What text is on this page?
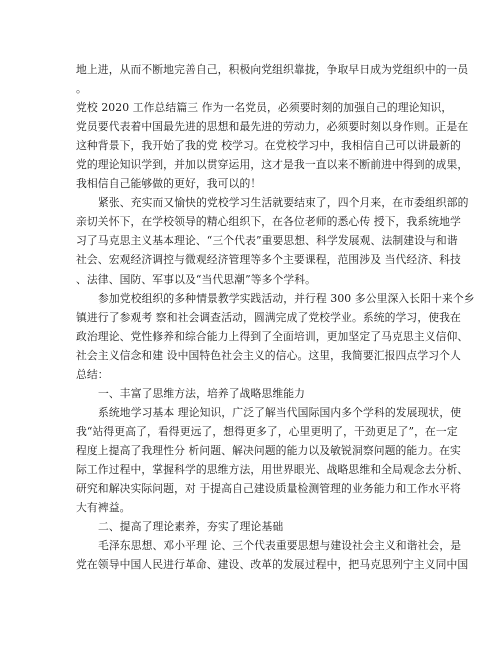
地上进，从而不断地完善自己，积极向党组织靠拢，争取早日成为党组织中的一员
。
党校 2020 工作总结篇三 作为一名党员，必须要时刻的加强自己的理论知识，
党员要代表着中国最先进的思想和最先进的劳动力，必须要时刻以身作则。正是在
这种背景下，我开始了我的党 校学习。在党校学习中，我相信自己可以讲最新的
党的理论知识学到，并加以贯穿运用，这才是我一直以来不断前进中得到的成果，
我相信自己能够做的更好，我可以的！
紧张、充实而又愉快的党校学习生活就要结束了，四个月来，在市委组织部的
亲切关怀下，在学校领导的精心组织下，在各位老师的悉心传 授下，我系统地学
习了马克思主义基本理论、“三个代表”重要思想、科学发展观、法制建设与和谐
社会、宏观经济调控与微观经济管理等多个主要课程，范围涉及 当代经济、科技
、法律、国防、军事以及“当代思潮”等多个学科。
参加党校组织的多种情景教学实践活动，并行程 300 多公里深入长阳十来个乡
镇进行了参观考 察和社会调查活动，圆满完成了党校学业。系统的学习，使我在
政治理论、党性修养和综合能力上得到了全面培训，更加坚定了马克思主义信仰、
社会主义信念和建 设中国特色社会主义的信心。这里，我简要汇报四点学习个人
总结：
一、丰富了思维方法，培养了战略思维能力
系统地学习基本 理论知识，广泛了解当代国际国内多个学科的发展现状，使
我“站得更高了，看得更远了，想得更多了，心里更明了，干劲更足了”，在一定
程度上提高了我理性分 析问题、解决问题的能力以及敏锐洞察问题的能力。在实
际工作过程中，掌握科学的思维方法，用世界眼光、战略思维和全局观念去分析、
研究和解决实际问题，对 于提高自己建设质量检测管理的业务能力和工作水平将
大有裨益。
二、提高了理论素养，夯实了理论基础
毛泽东思想、邓小平理 论、三个代表重要思想与建设社会主义和谐社会，是
党在领导中国人民进行革命、建设、改革的发展过程中，把马克思列宁主义同中国
